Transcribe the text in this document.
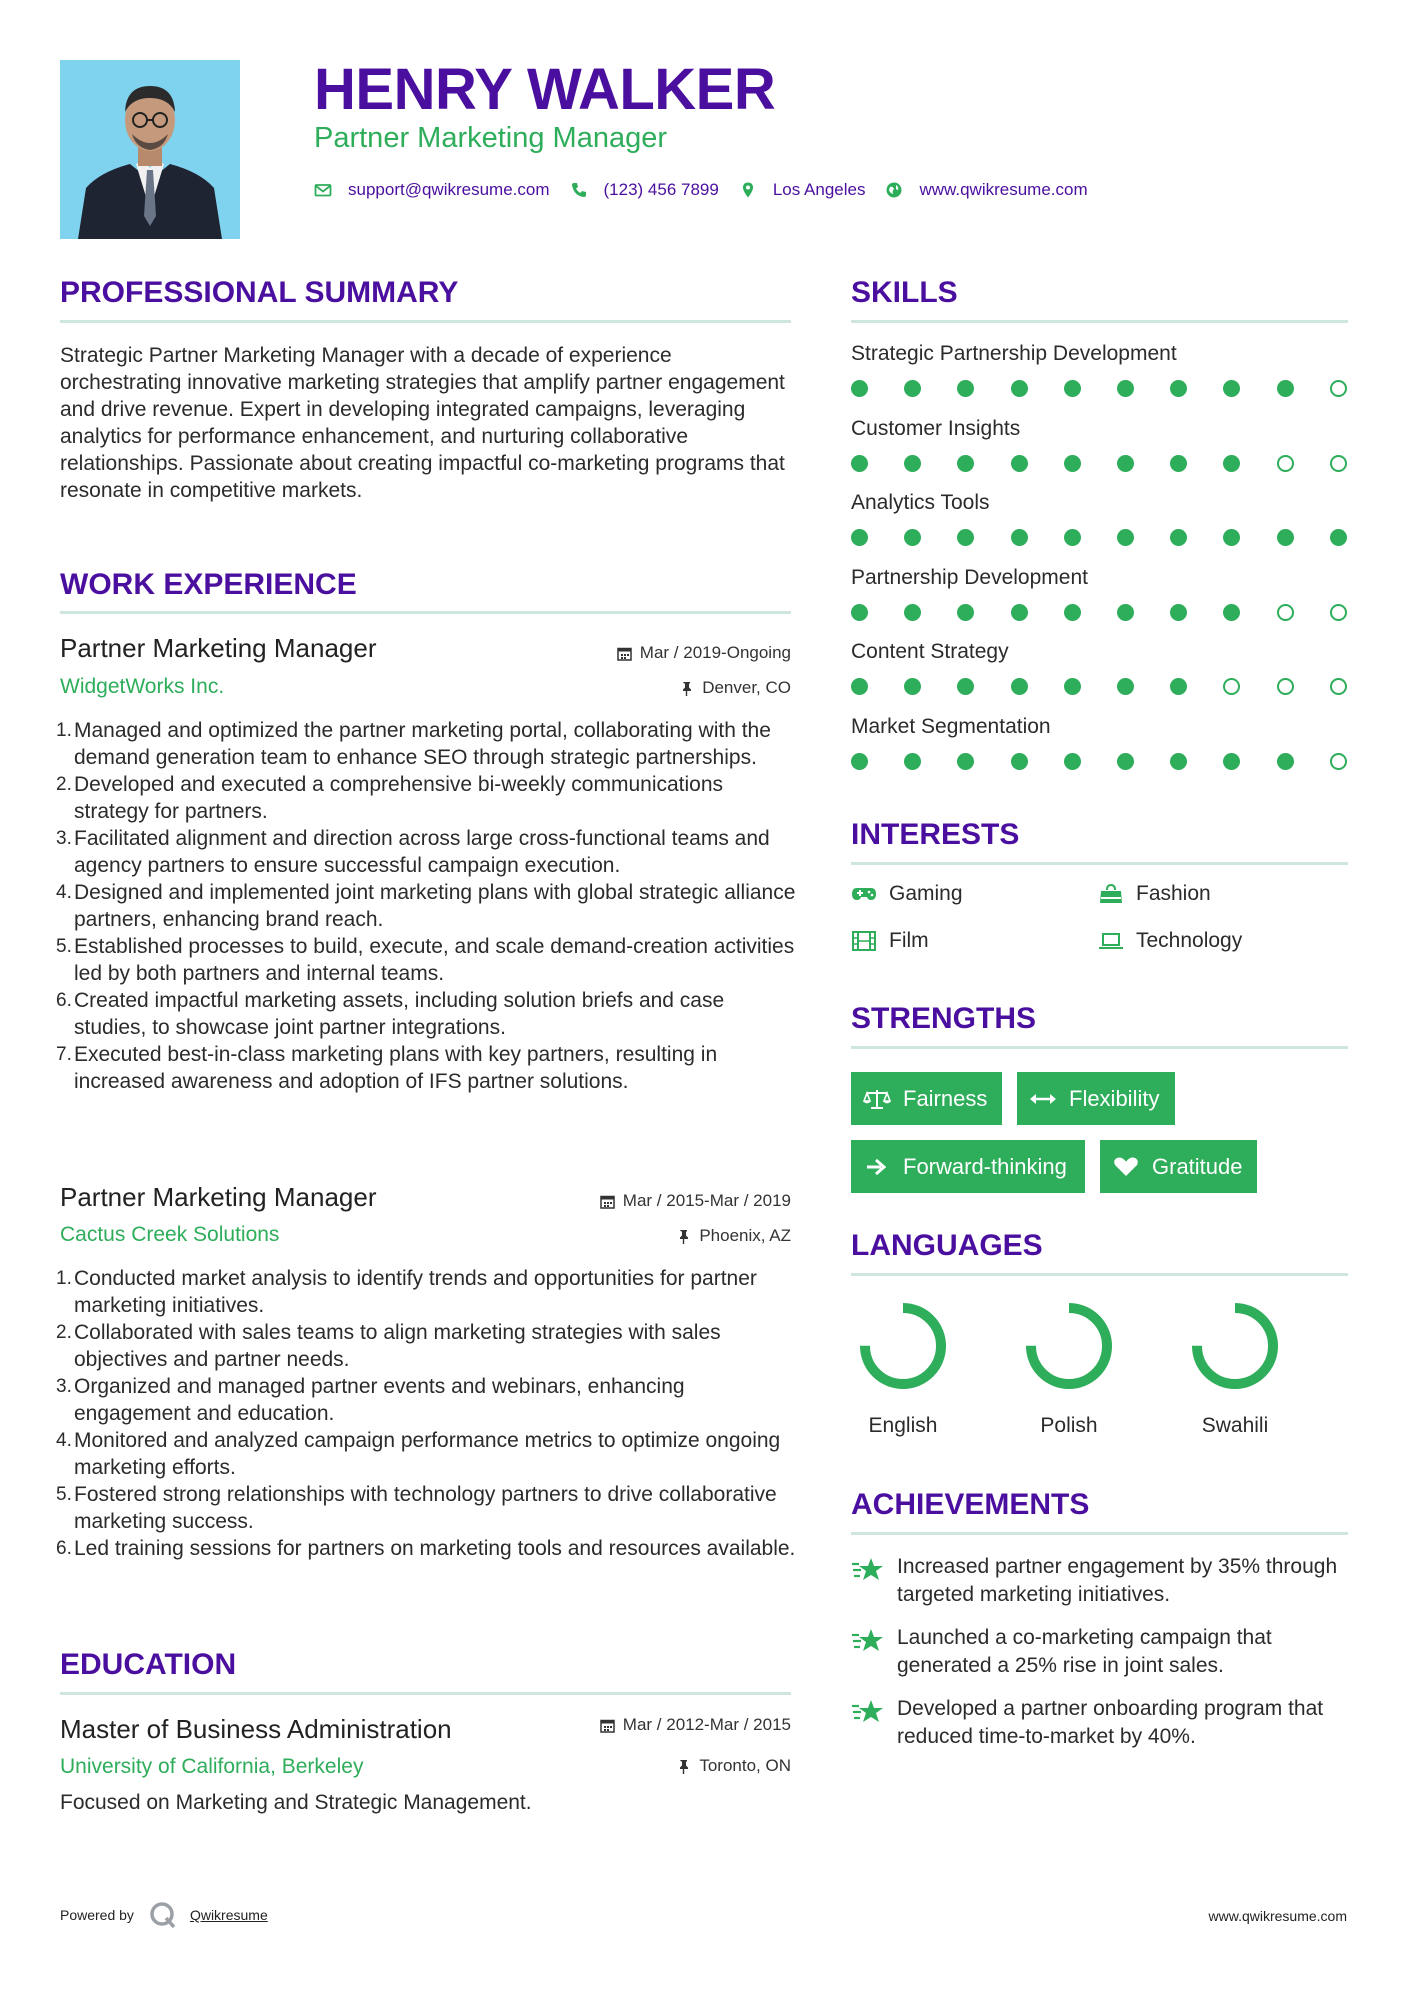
HENRY WALKER
Partner Marketing Manager
support@qwikresume.com	(123) 456 7899	Los Angeles	www.qwikresume.com
PROFESSIONAL SUMMARY
Strategic Partner Marketing Manager with a decade of experience orchestrating innovative marketing strategies that amplify partner engagement and drive revenue. Expert in developing integrated campaigns, leveraging analytics for performance enhancement, and nurturing collaborative relationships. Passionate about creating impactful co-marketing programs that resonate in competitive markets.
WORK EXPERIENCE
Partner Marketing Manager
WidgetWorks Inc.
Mar / 2019-Ongoing
Denver, CO
1. Managed and optimized the partner marketing portal, collaborating with the demand generation team to enhance SEO through strategic partnerships.
2. Developed and executed a comprehensive bi-weekly communications strategy for partners.
3. Facilitated alignment and direction across large cross-functional teams and agency partners to ensure successful campaign execution.
4. Designed and implemented joint marketing plans with global strategic alliance partners, enhancing brand reach.
5. Established processes to build, execute, and scale demand-creation activities led by both partners and internal teams.
6. Created impactful marketing assets, including solution briefs and case studies, to showcase joint partner integrations.
7. Executed best-in-class marketing plans with key partners, resulting in increased awareness and adoption of IFS partner solutions.
Partner Marketing Manager
Cactus Creek Solutions
Mar / 2015-Mar / 2019
Phoenix, AZ
1. Conducted market analysis to identify trends and opportunities for partner marketing initiatives.
2. Collaborated with sales teams to align marketing strategies with sales objectives and partner needs.
3. Organized and managed partner events and webinars, enhancing engagement and education.
4. Monitored and analyzed campaign performance metrics to optimize ongoing marketing efforts.
5. Fostered strong relationships with technology partners to drive collaborative marketing success.
6. Led training sessions for partners on marketing tools and resources available.
EDUCATION
Master of Business Administration
University of California, Berkeley
Mar / 2012-Mar / 2015
Toronto, ON
Focused on Marketing and Strategic Management.
SKILLS
Strategic Partnership Development
Customer Insights
Analytics Tools
Partnership Development
Content Strategy
Market Segmentation
INTERESTS
Gaming	Fashion
Film	Technology
STRENGTHS
Fairness	Flexibility
Forward-thinking	Gratitude
LANGUAGES
English	Polish	Swahili
ACHIEVEMENTS
Increased partner engagement by 35% through targeted marketing initiatives.
Launched a co-marketing campaign that generated a 25% rise in joint sales.
Developed a partner onboarding program that reduced time-to-market by 40%.
Powered by	Qwikresume	www.qwikresume.com
